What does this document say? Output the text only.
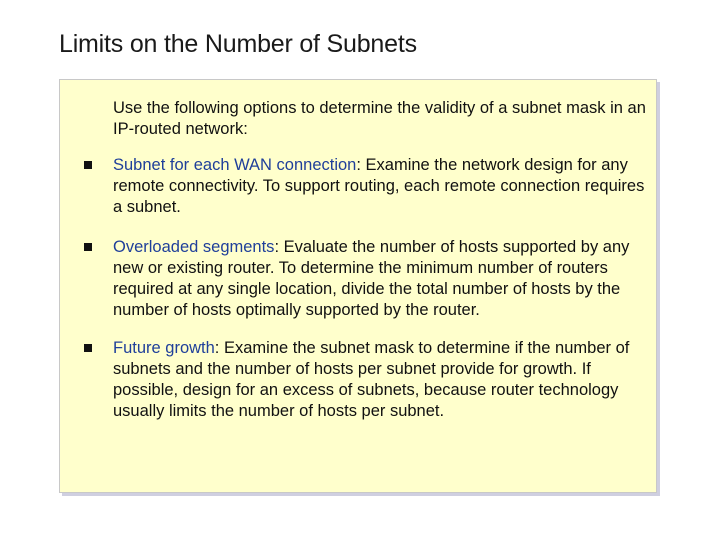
Limits on the Number of Subnets

Use the following options to determine the validity of a subnet mask in an IP-routed network:

Subnet for each WAN connection: Examine the network design for any remote connectivity. To support routing, each remote connection requires a subnet.

Overloaded segments: Evaluate the number of hosts supported by any new or existing router. To determine the minimum number of routers required at any single location, divide the total number of hosts by the number of hosts optimally supported by the router.

Future growth: Examine the subnet mask to determine if the number of subnets and the number of hosts per subnet provide for growth. If possible, design for an excess of subnets, because router technology usually limits the number of hosts per subnet.
